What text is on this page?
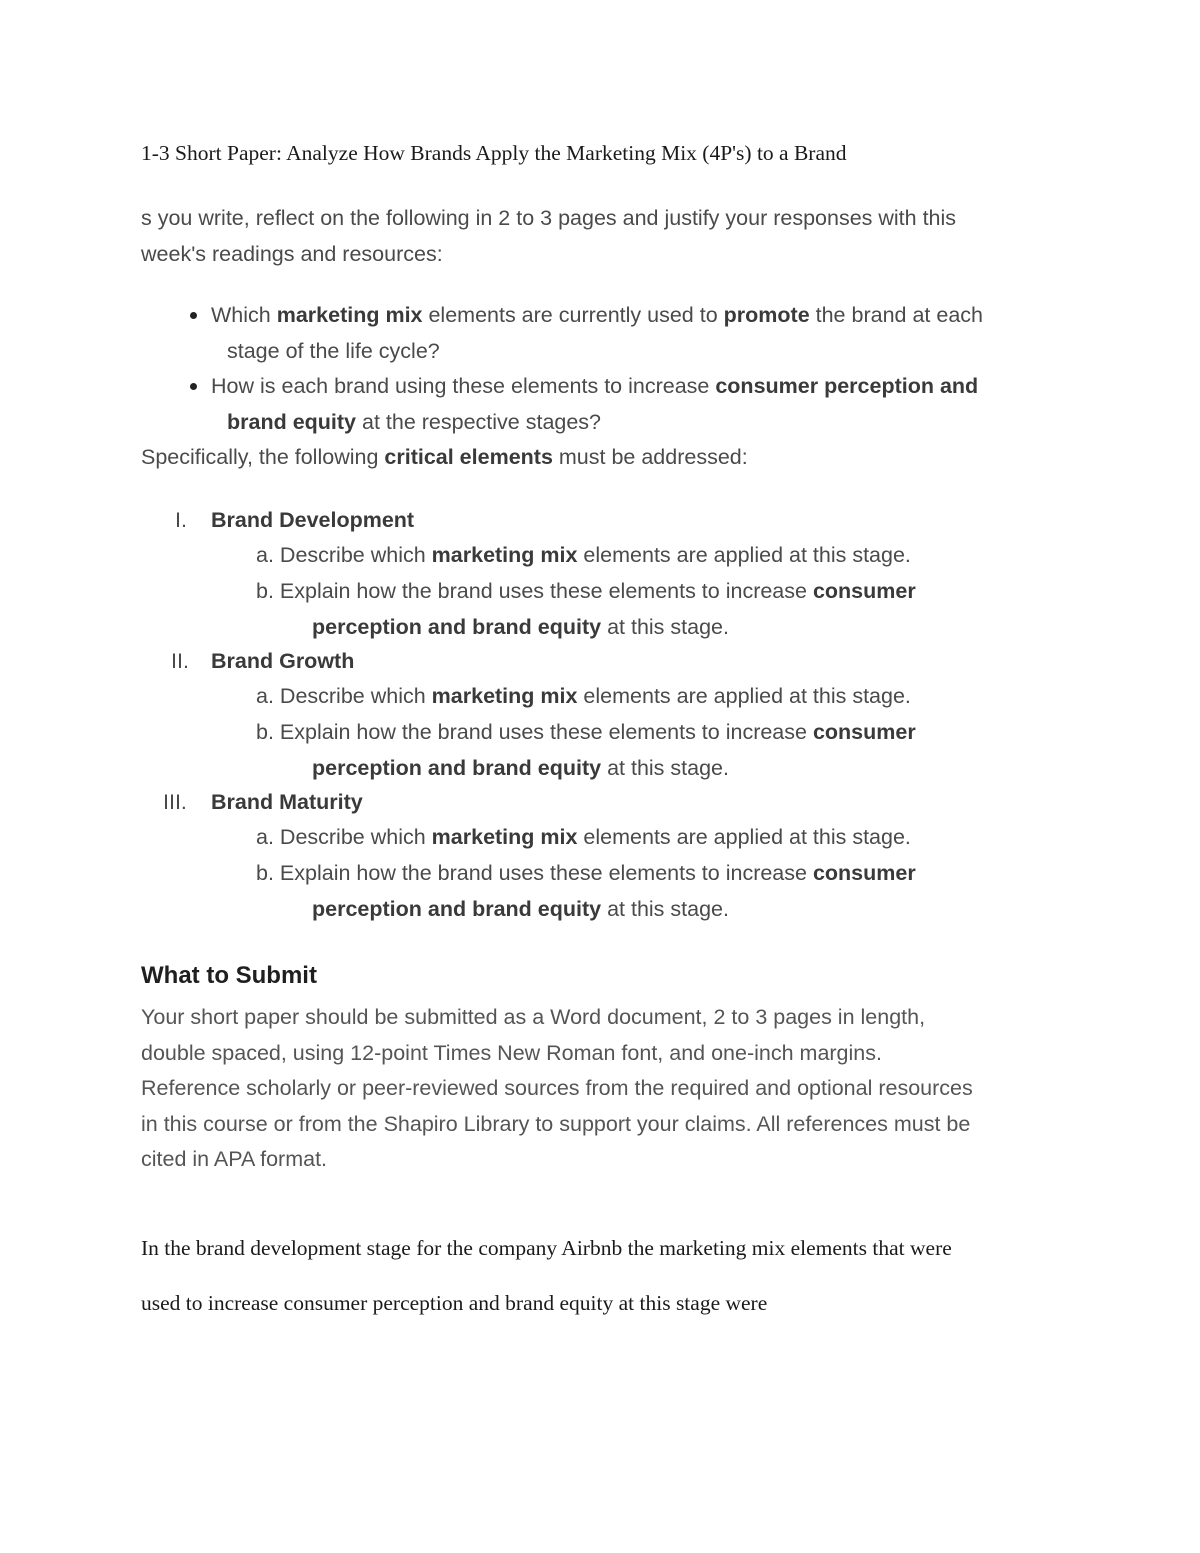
1-3 Short Paper: Analyze How Brands Apply the Marketing Mix (4P's) to a Brand
s you write, reflect on the following in 2 to 3 pages and justify your responses with this
week's readings and resources:
Which marketing mix elements are currently used to promote the brand at each
stage of the life cycle?
How is each brand using these elements to increase consumer perception and
brand equity at the respective stages?
Specifically, the following critical elements must be addressed:
I. Brand Development
a. Describe which marketing mix elements are applied at this stage.
b. Explain how the brand uses these elements to increase consumer
perception and brand equity at this stage.
II. Brand Growth
a. Describe which marketing mix elements are applied at this stage.
b. Explain how the brand uses these elements to increase consumer
perception and brand equity at this stage.
III. Brand Maturity
a. Describe which marketing mix elements are applied at this stage.
b. Explain how the brand uses these elements to increase consumer
perception and brand equity at this stage.
What to Submit
Your short paper should be submitted as a Word document, 2 to 3 pages in length,
double spaced, using 12-point Times New Roman font, and one-inch margins.
Reference scholarly or peer-reviewed sources from the required and optional resources
in this course or from the Shapiro Library to support your claims. All references must be
cited in APA format.
In the brand development stage for the company Airbnb the marketing mix elements that were
used to increase consumer perception and brand equity at this stage were
